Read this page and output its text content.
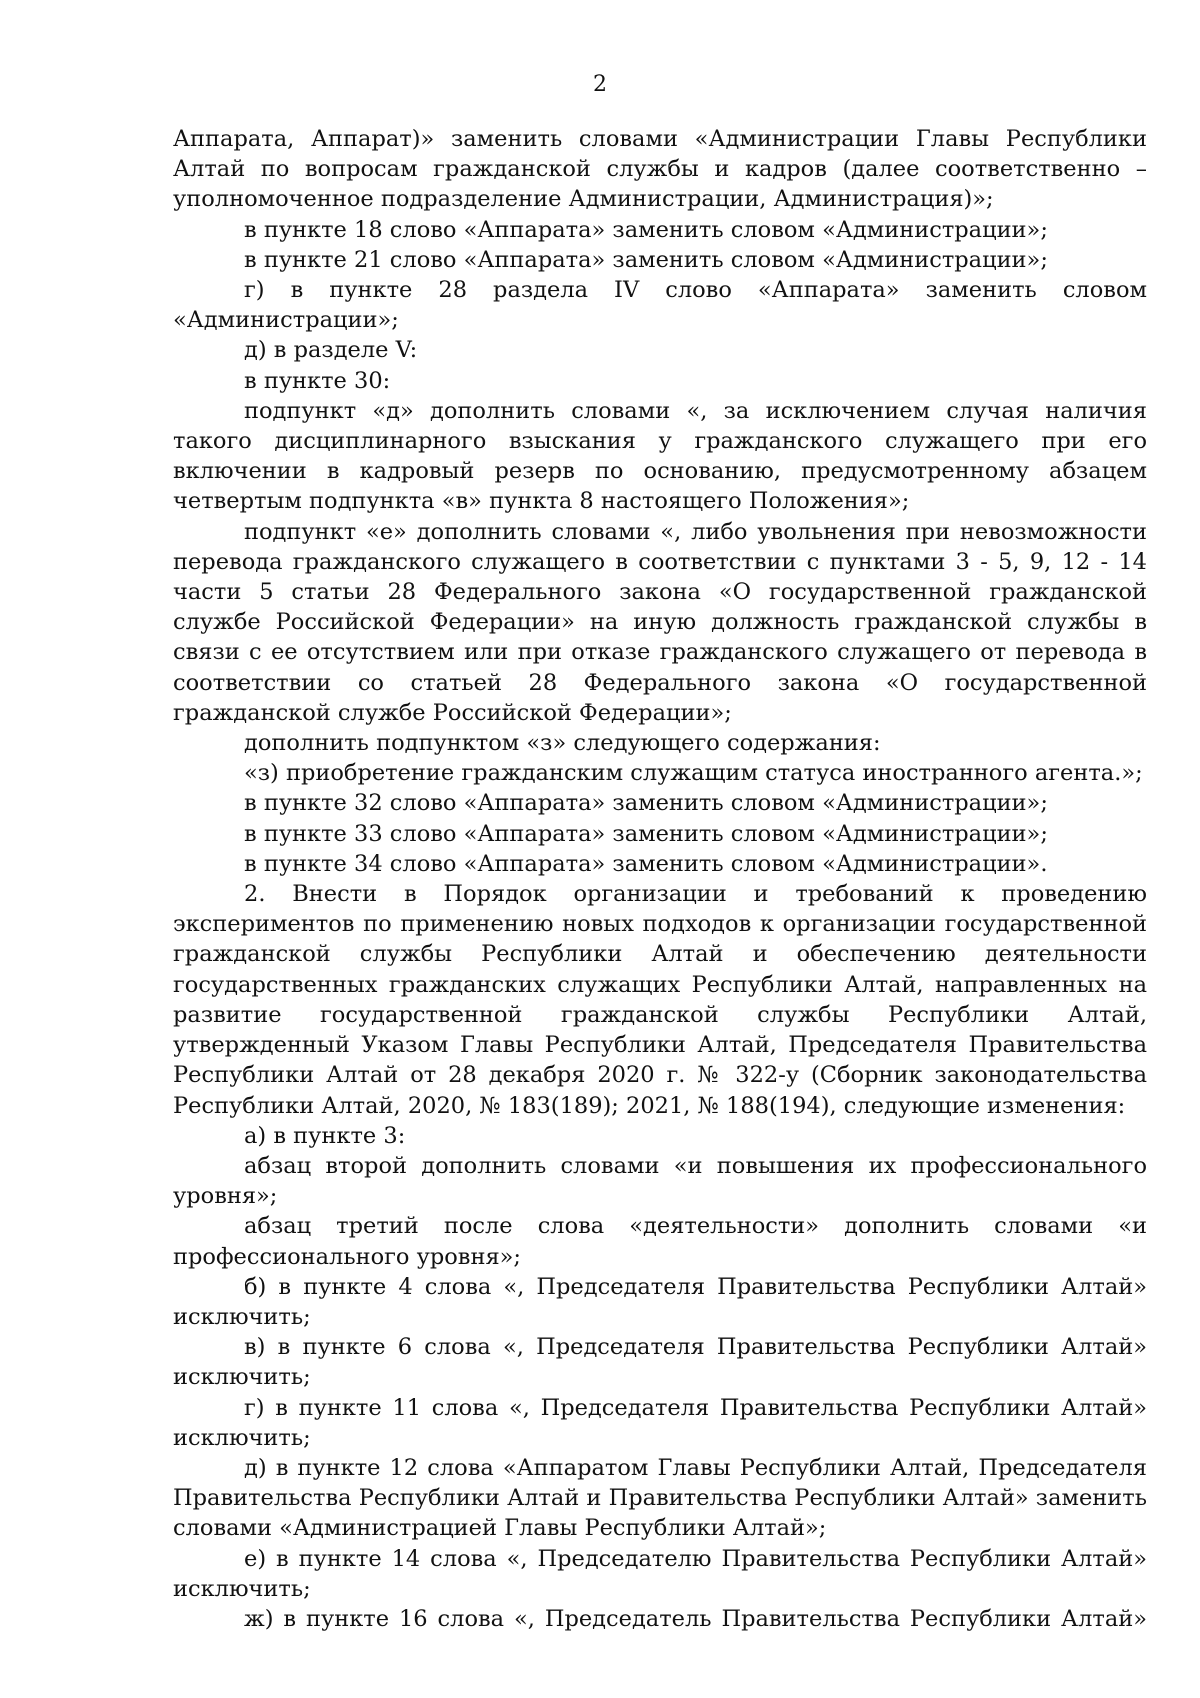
2

Аппарата, Аппарат)» заменить словами «Администрации Главы Республики Алтай по вопросам гражданской службы и кадров (далее соответственно – уполномоченное подразделение Администрации, Администрация)»;

в пункте 18 слово «Аппарата» заменить словом «Администрации»;

в пункте 21 слово «Аппарата» заменить словом «Администрации»;

г) в пункте 28 раздела IV слово «Аппарата» заменить словом «Администрации»;

д) в разделе V:

в пункте 30:

подпункт «д» дополнить словами «, за исключением случая наличия такого дисциплинарного взыскания у гражданского служащего при его включении в кадровый резерв по основанию, предусмотренному абзацем четвертым подпункта «в» пункта 8 настоящего Положения»;

подпункт «е» дополнить словами «, либо увольнения при невозможности перевода гражданского служащего в соответствии с пунктами 3 - 5, 9, 12 - 14 части 5 статьи 28 Федерального закона «О государственной гражданской службе Российской Федерации» на иную должность гражданской службы в связи с ее отсутствием или при отказе гражданского служащего от перевода в соответствии со статьей 28 Федерального закона «О государственной гражданской службе Российской Федерации»;

дополнить подпунктом «з» следующего содержания:

«з) приобретение гражданским служащим статуса иностранного агента.»;

в пункте 32 слово «Аппарата» заменить словом «Администрации»;

в пункте 33 слово «Аппарата» заменить словом «Администрации»;

в пункте 34 слово «Аппарата» заменить словом «Администрации».

2. Внести в Порядок организации и требований к проведению экспериментов по применению новых подходов к организации государственной гражданской службы Республики Алтай и обеспечению деятельности государственных гражданских служащих Республики Алтай, направленных на развитие государственной гражданской службы Республики Алтай, утвержденный Указом Главы Республики Алтай, Председателя Правительства Республики Алтай от 28 декабря 2020 г. № 322-у (Сборник законодательства Республики Алтай, 2020, № 183(189); 2021, № 188(194), следующие изменения:

а) в пункте 3:

абзац второй дополнить словами «и повышения их профессионального уровня»;

абзац третий после слова «деятельности» дополнить словами «и профессионального уровня»;

б) в пункте 4 слова «, Председателя Правительства Республики Алтай» исключить;

в) в пункте 6 слова «, Председателя Правительства Республики Алтай» исключить;

г) в пункте 11 слова «, Председателя Правительства Республики Алтай» исключить;

д) в пункте 12 слова «Аппаратом Главы Республики Алтай, Председателя Правительства Республики Алтай и Правительства Республики Алтай» заменить словами «Администрацией Главы Республики Алтай»;

е) в пункте 14 слова «, Председателю Правительства Республики Алтай» исключить;

ж) в пункте 16 слова «, Председатель Правительства Республики Алтай»
